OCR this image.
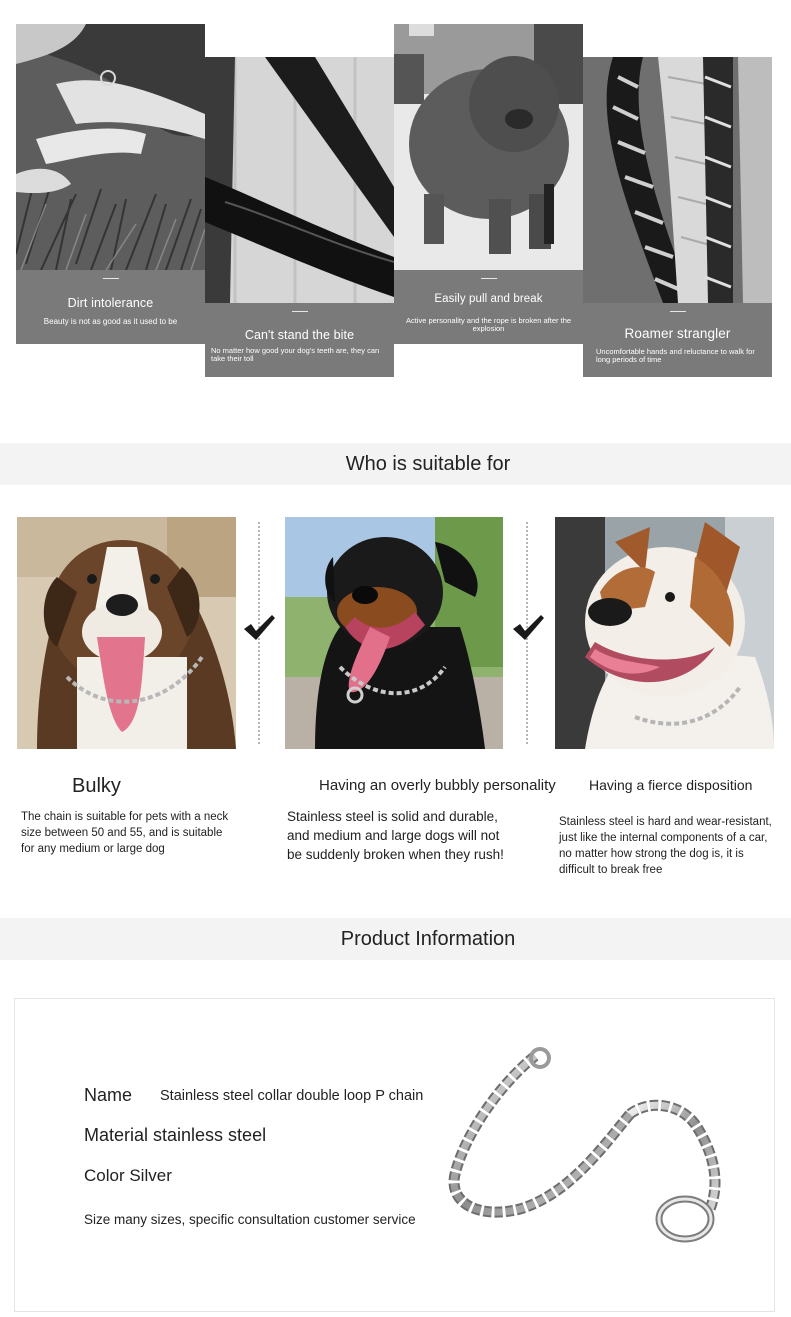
Dirt intolerance
Beauty is not as good as it used to be
Can't stand the bite
No matter how good your dog's teeth are, they can take their toll
Easily pull and break
Active personality and the rope is broken after the explosion	Roamer strangler
Uncomfortable hands and reluctance to walk for long periods of time
Who is suitable for
Bulky
The chain is suitable for pets with a neck size between 50 and 55, and is suitable for any medium or large dog
Having an overly bubbly personality
Stainless steel is solid and durable, and medium and large dogs will not be suddenly broken when they rush!
Having a fierce disposition
Stainless steel is hard and wear-resistant, just like the internal components of a car, no matter how strong the dog is, it is difficult to break free
Product Information
Name Stainless steel collar double loop P chain
Material stainless steel
Color Silver
Size many sizes, specific consultation customer service
